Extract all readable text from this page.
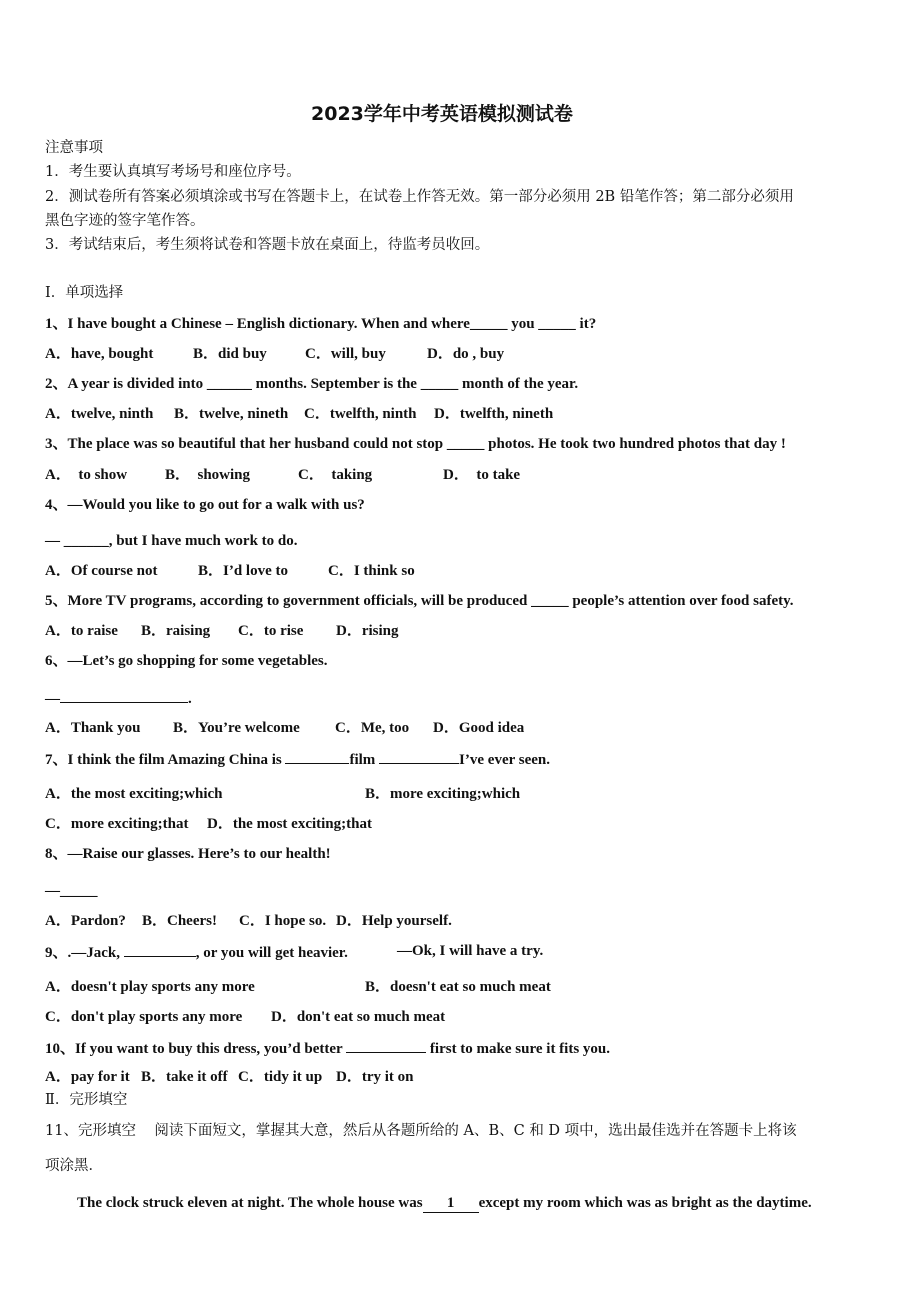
2023学年中考英语模拟测试卷
注意事项
1．考生要认真填写考场号和座位序号。
2．测试卷所有答案必须填涂或书写在答题卡上，在试卷上作答无效。第一部分必须用 2B 铅笔作答；第二部分必须用
黑色字迹的签字笔作答。
3．考试结束后，考生须将试卷和答题卡放在桌面上，待监考员收回。
Ⅰ．单项选择
1、I have bought a Chinese – English dictionary. When and where_____ you _____ it?
A．have, bought	B．did buy	C．will, buy	D．do , buy
2、A year is divided into ______ months. September is the _____ month of the year.
A．twelve, ninth B．twelve, nineth C．twelfth, ninth D．twelfth, nineth
3、The place was so beautiful that her husband could not stop _____ photos. He took two hundred photos that day !
A．  to show	B．  showing	C．  taking	D．  to take
4、—Would you like to go out for a walk with us?
— ______, but I have much work to do.
A．Of course not	B．I’d love to	C．I think so
5、More TV programs, according to government officials, will be produced _____ people’s attention over food safety.
A．to raise B．raising C．to rise D．rising
6、—Let’s go shopping for some vegetables.
—	.
A．Thank you B．You’re welcome C．Me, too D．Good idea
7、I think the film Amazing China is	film	I’ve ever seen.
A．the most exciting;which	B．more exciting;which
C．more exciting;that D．the most exciting;that
8、—Raise our glasses. Here’s to our health!
—_____
A．Pardon? B．Cheers! C．I hope so. D．Help yourself.
9、.—Jack,	, or you will get heavier.	—Ok, I will have a try.
A．doesn't play sports any more	B．doesn't eat so much meat
C．don't play sports any more D．don't eat so much meat
10、If you want to buy this dress, you’d better	first to make sure it fits you.
A．pay for it B．take it off C．tidy it up D．try it on
Ⅱ．完形填空
11、完形填空    阅读下面短文，掌握其大意，然后从各题所给的 A、B、C 和 D 项中，选出最佳选并在答题卡上将该
项涂黑．
The clock struck eleven at night. The whole house was 1 except my room which was as bright as the daytime.
